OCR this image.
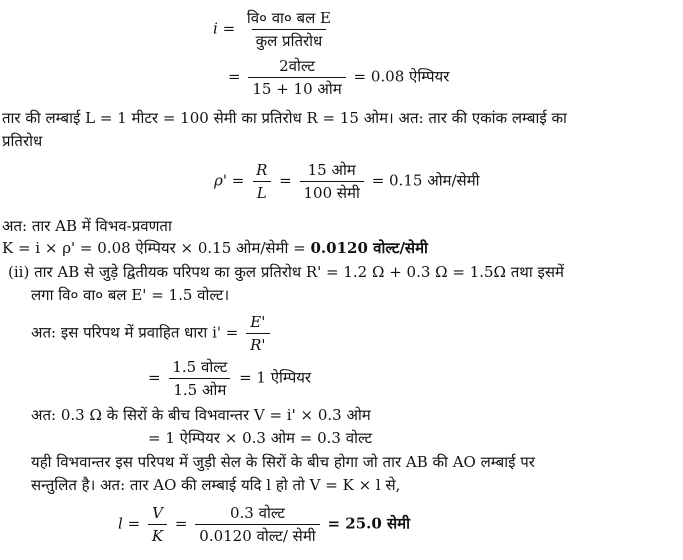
$i = \frac{\text{वि० वा० बल E}}{\text{कुल प्रतिरोध}}$
= $\frac{\text{2वोल्ट}}{\text{15 + 10 ओम}} = 0.08$ ऐम्पियर
तार की लम्बाई L = 1 मीटर = 100 सेमी का प्रतिरोध R = 15 ओम। अत: तार की एकांक लम्बाई का
प्रतिरोध
$\rho' = \frac{R}{L} = \frac{\text{15 ओम}}{\text{100 सेमी}} = 0.15$ ओम/सेमी
अत: तार AB में विभव-प्रवणता
K = i × ρ' = 0.08 ऐम्पियर × 0.15 ओम/सेमी = 0.0120 वोल्ट/सेमी
(ii) तार AB से जुड़े द्वितीयक परिपथ का कुल प्रतिरोध R' = 1.2 Ω + 0.3 Ω = 1.5Ω तथा इसमें
लगा वि० वा० बल E' = 1.5 वोल्ट।
अत: इस परिपथ में प्रवाहित धारा $i' = \frac{E'}{R'}$
= $\frac{\text{1.5 वोल्ट}}{\text{1.5 ओम}} = 1$ ऐम्पियर
अत: 0.3 Ω के सिरों के बीच विभवान्तर V = i' × 0.3 ओम
= 1 ऐम्पियर × 0.3 ओम = 0.3 वोल्ट
यही विभवान्तर इस परिपथ में जुड़ी सेल के सिरों के बीच होगा जो तार AB की AO लम्बाई पर
सन्तुलित है। अत: तार AO की लम्बाई यदि l हो तो V = K × l से,
$l = \frac{V}{K} = \frac{\text{0.3 वोल्ट}}{\text{0.0120 वोल्ट/ सेमी}} = 25.0$ सेमी
